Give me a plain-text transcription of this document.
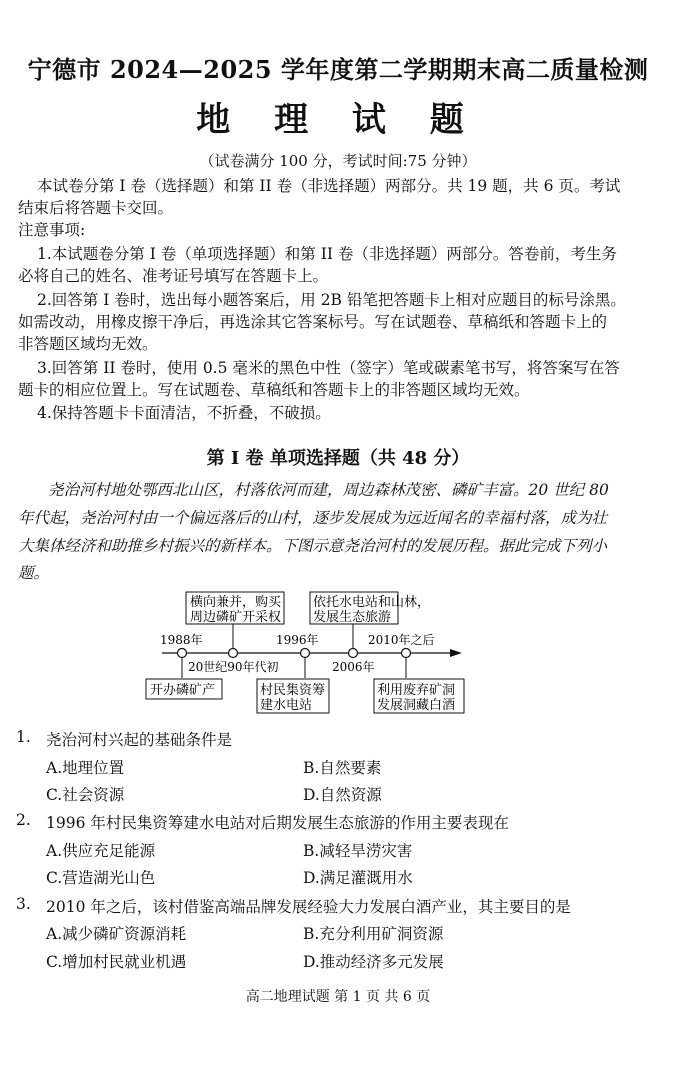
宁德市 2024—2025 学年度第二学期期末高二质量检测
地 理 试 题
（试卷满分 100 分，考试时间:75 分钟）
本试卷分第 I 卷（选择题）和第 II 卷（非选择题）两部分。共 19 题，共 6 页。考试
结束后将答题卡交回。
注意事项:
1.本试题卷分第 I 卷（单项选择题）和第 II 卷（非选择题）两部分。答卷前，考生务
必将自己的姓名、准考证号填写在答题卡上。
2.回答第 I 卷时，选出每小题答案后，用 2B 铅笔把答题卡上相对应题目的标号涂黑。
如需改动，用橡皮擦干净后，再选涂其它答案标号。写在试题卷、草稿纸和答题卡上的
非答题区域均无效。
3.回答第 II 卷时，使用 0.5 毫米的黑色中性（签字）笔或碳素笔书写，将答案写在答
题卡的相应位置上。写在试题卷、草稿纸和答题卡上的非答题区域均无效。
4.保持答题卡卡面清洁，不折叠，不破损。
第 I 卷 单项选择题（共 48 分）
尧治河村地处鄂西北山区，村落依河而建，周边森林茂密、磷矿丰富。20 世纪 80
年代起，尧治河村由一个偏远落后的山村，逐步发展成为远近闻名的幸福村落，成为壮
大集体经济和助推乡村振兴的新样本。下图示意尧治河村的发展历程。据此完成下列小
题。
横向兼并，购买
周边磷矿开采权
依托水电站和山林，
发展生态旅游
1988年	1996年	2010年之后
20世纪90年代初	2006年
开办磷矿产	村民集资筹
建水电站
利用废弃矿洞
发展洞藏白酒
1. 尧治河村兴起的基础条件是
A.地理位置	B.自然要素
C.社会资源	D.自然资源
2. 1996 年村民集资筹建水电站对后期发展生态旅游的作用主要表现在
A.供应充足能源	B.减轻旱涝灾害
C.营造湖光山色	D.满足灌溉用水
3. 2010 年之后，该村借鉴高端品牌发展经验大力发展白酒产业，其主要目的是
A.减少磷矿资源消耗	B.充分利用矿洞资源
C.增加村民就业机遇	D.推动经济多元发展
高二地理试题 第 1 页 共 6 页
